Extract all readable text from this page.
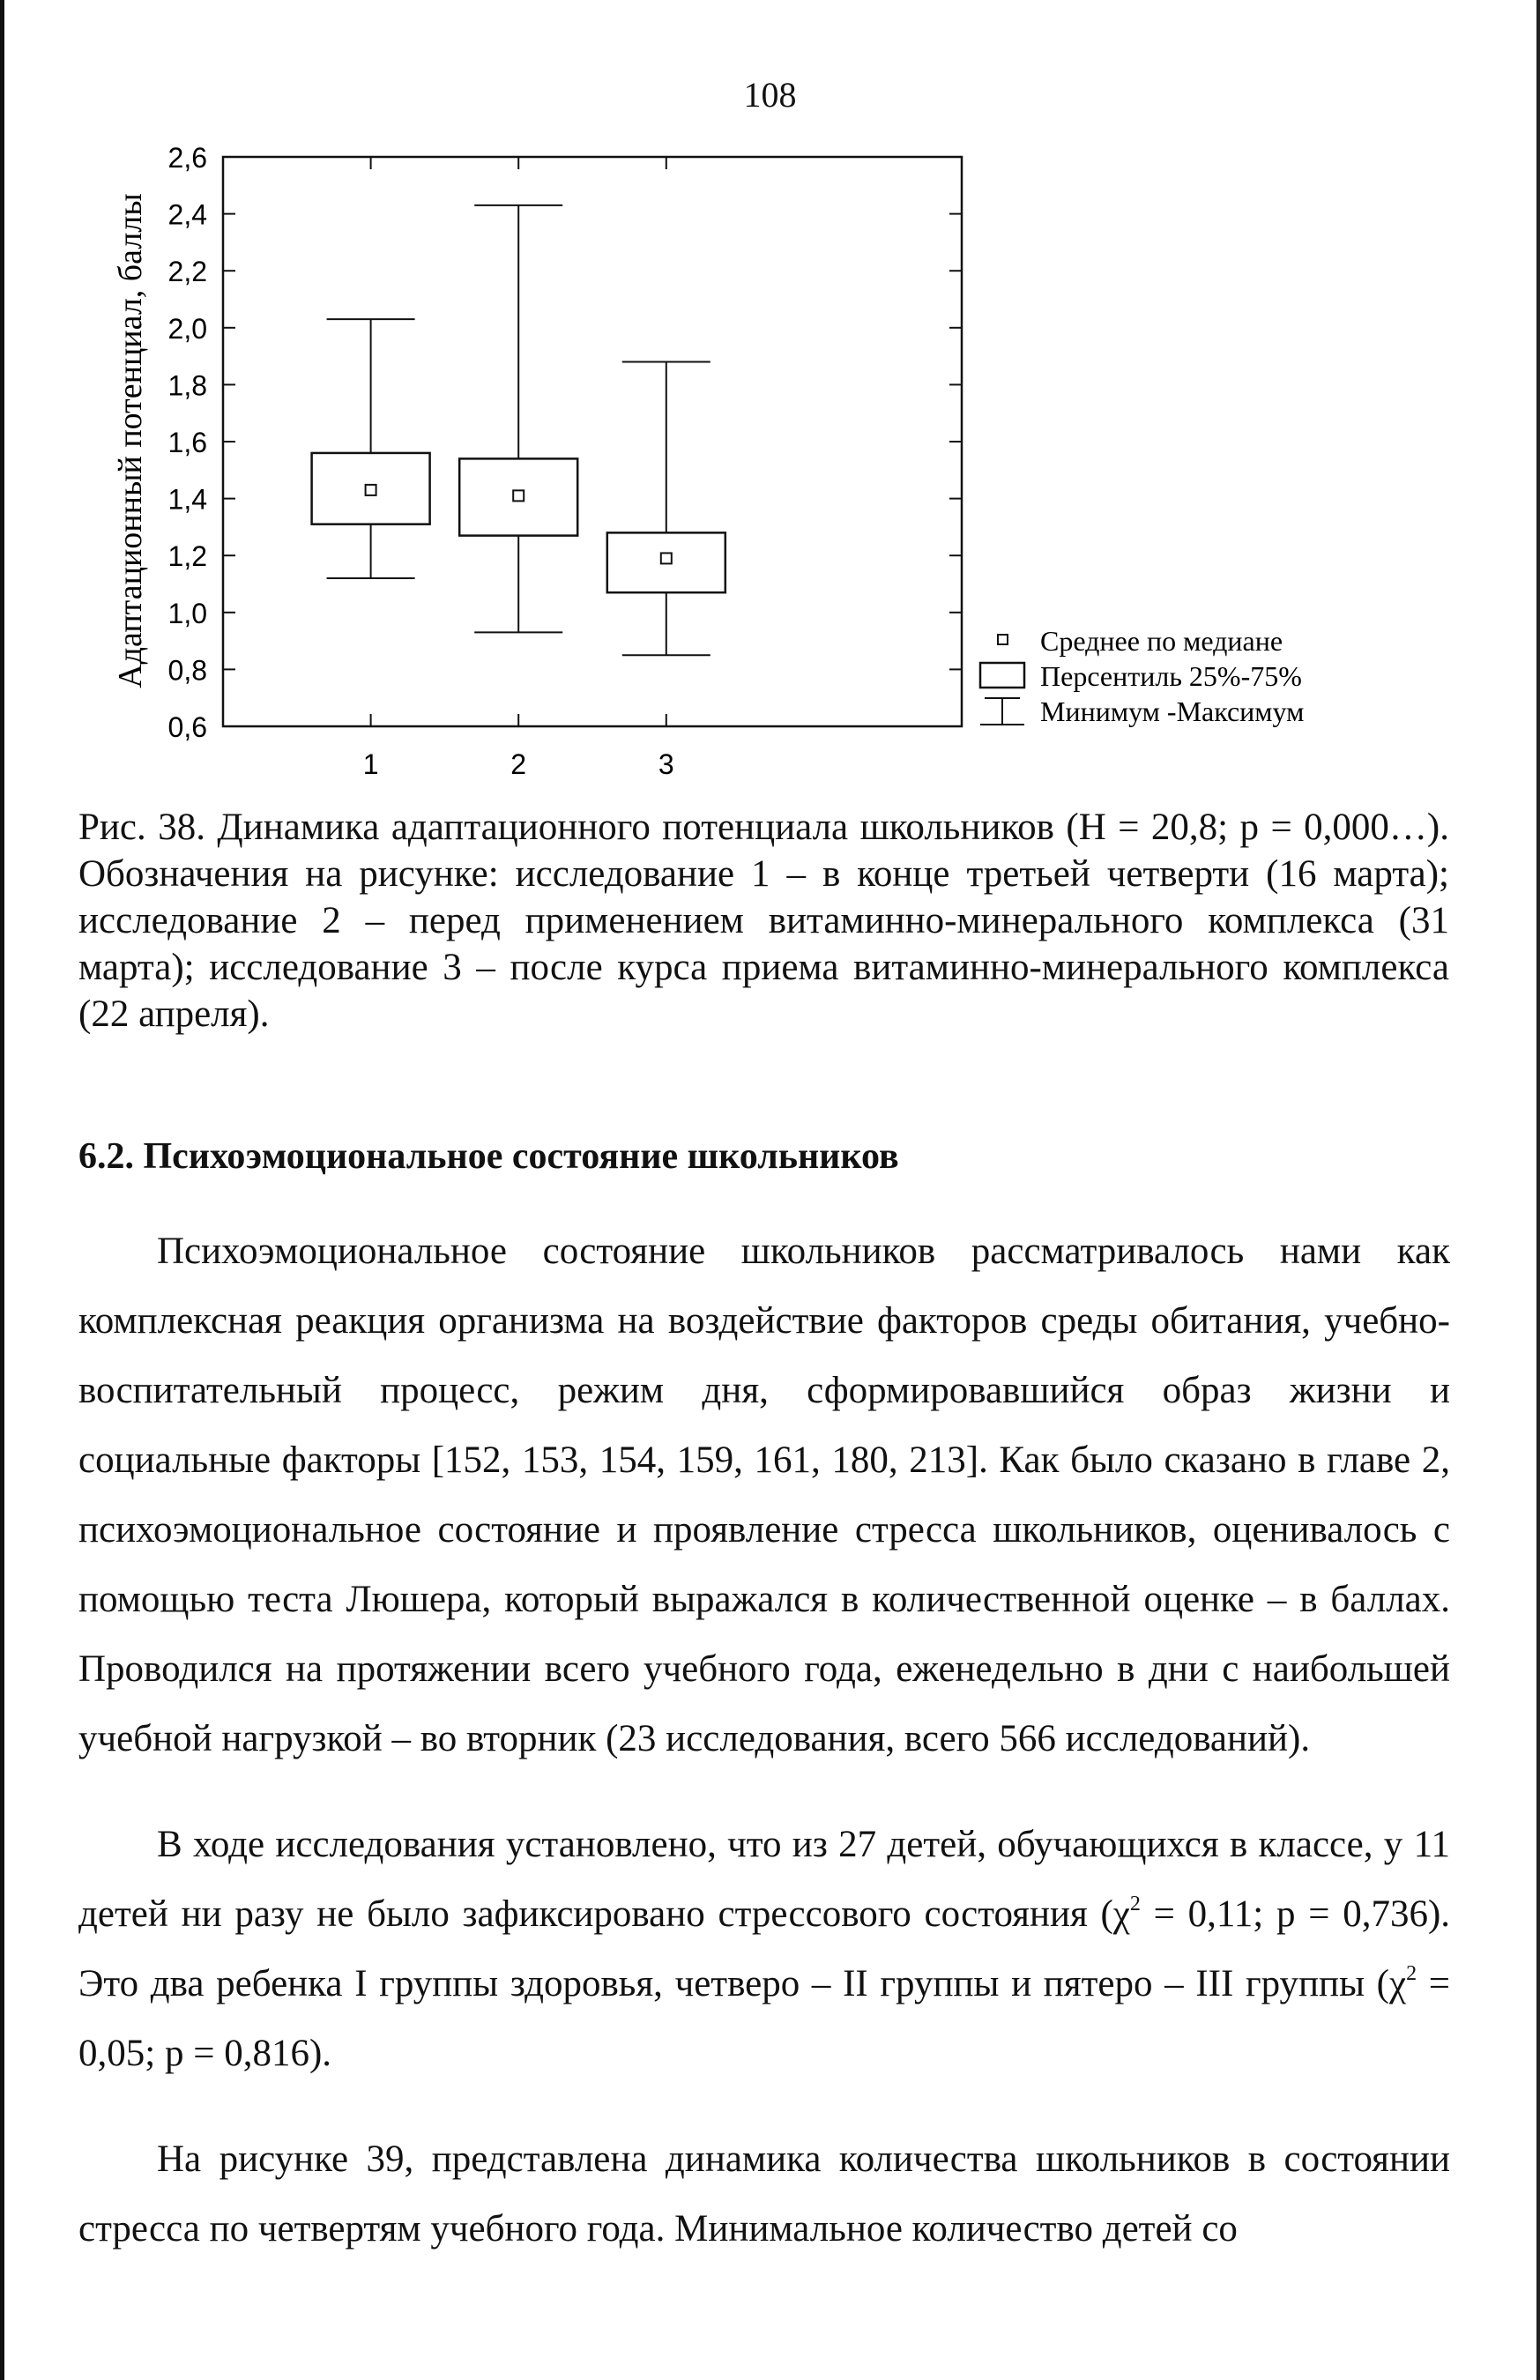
108
0,6
0,8
1,0
1,2
1,4
1,6
1,8
2,0
2,2
2,4
2,6
1	2	3
Адаптационный потенциал, баллы	Среднее по медиане
Персентиль 25%-75%
Минимум -Максимум
Рис. 38. Динамика адаптационного потенциала школьников (H = 20,8; p = 0,000…). Обозначения на рисунке: исследование 1 – в конце третьей четверти (16 марта); исследование 2 – перед применением витаминно-минерального комплекса (31 марта); исследование 3 – после курса приема витаминно-минерального комплекса (22 апреля).
6.2. Психоэмоциональное состояние школьников

Психоэмоциональное состояние школьников рассматривалось нами как комплексная реакция организма на воздействие факторов среды обитания, учебно-воспитательный процесс, режим дня, сформировавшийся образ жизни и социальные факторы [152, 153, 154, 159, 161, 180, 213]. Как было сказано в главе 2, психоэмоциональное состояние и проявление стресса школьников, оценивалось с помощью теста Люшера, который выражался в количественной оценке – в баллах. Проводился на протяжении всего учебного года, еженедельно в дни с наибольшей учебной нагрузкой – во вторник (23 исследования, всего 566 исследований).

В ходе исследования установлено, что из 27 детей, обучающихся в классе, у 11 детей ни разу не было зафиксировано стрессового состояния ($\chi^2 = 0,11$; p = 0,736). Это два ребенка I группы здоровья, четверо – II группы и пятеро – III группы ($\chi^2 = 0,05$; p = 0,816).

На рисунке 39, представлена динамика количества школьников в состоянии стресса по четвертям учебного года. Минимальное количество детей со
